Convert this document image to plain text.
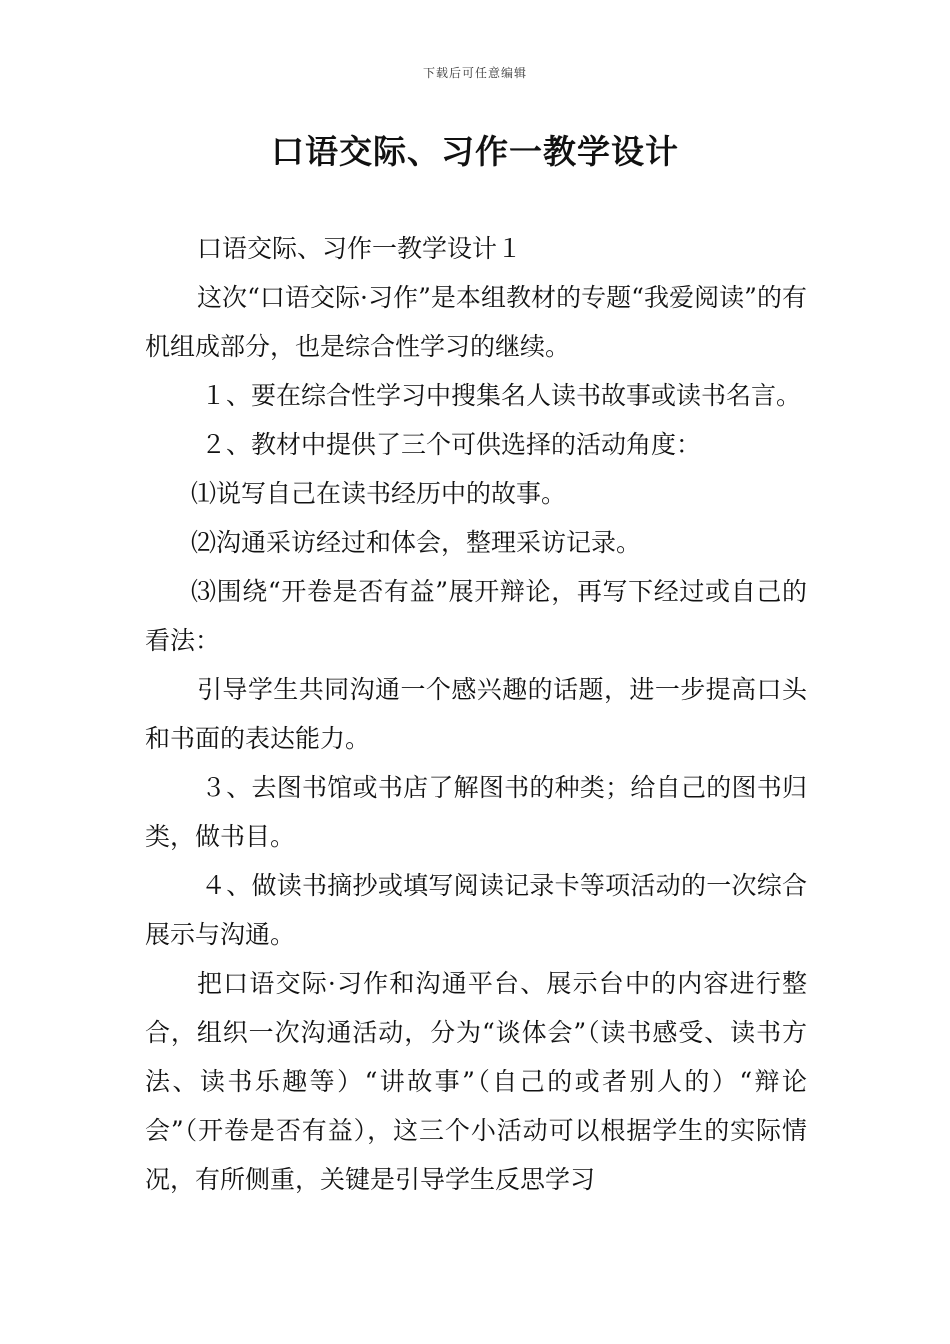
下载后可任意编辑
口语交际、习作一教学设计

口语交际、习作一教学设计１

这次“口语交际·习作”是本组教材的专题“我爱阅读”的有机组成部分，也是综合性学习的继续。

１、要在综合性学习中搜集名人读书故事或读书名言。

２、教材中提供了三个可供选择的活动角度：

⑴说写自己在读书经历中的故事。

⑵沟通采访经过和体会，整理采访记录。

⑶围绕“开卷是否有益”展开辩论，再写下经过或自己的看法：

引导学生共同沟通一个感兴趣的话题，进一步提高口头和书面的表达能力。

３、去图书馆或书店了解图书的种类；给自己的图书归类，做书目。

４、做读书摘抄或填写阅读记录卡等项活动的一次综合展示与沟通。

把口语交际·习作和沟通平台、展示台中的内容进行整合，组织一次沟通活动，分为“谈体会”（读书感受、读书方法、读书乐趣等）“讲故事”（自己的或者别人的）“辩论会”（开卷是否有益），这三个小活动可以根据学生的实际情况，有所侧重，关键是引导学生反思学习
